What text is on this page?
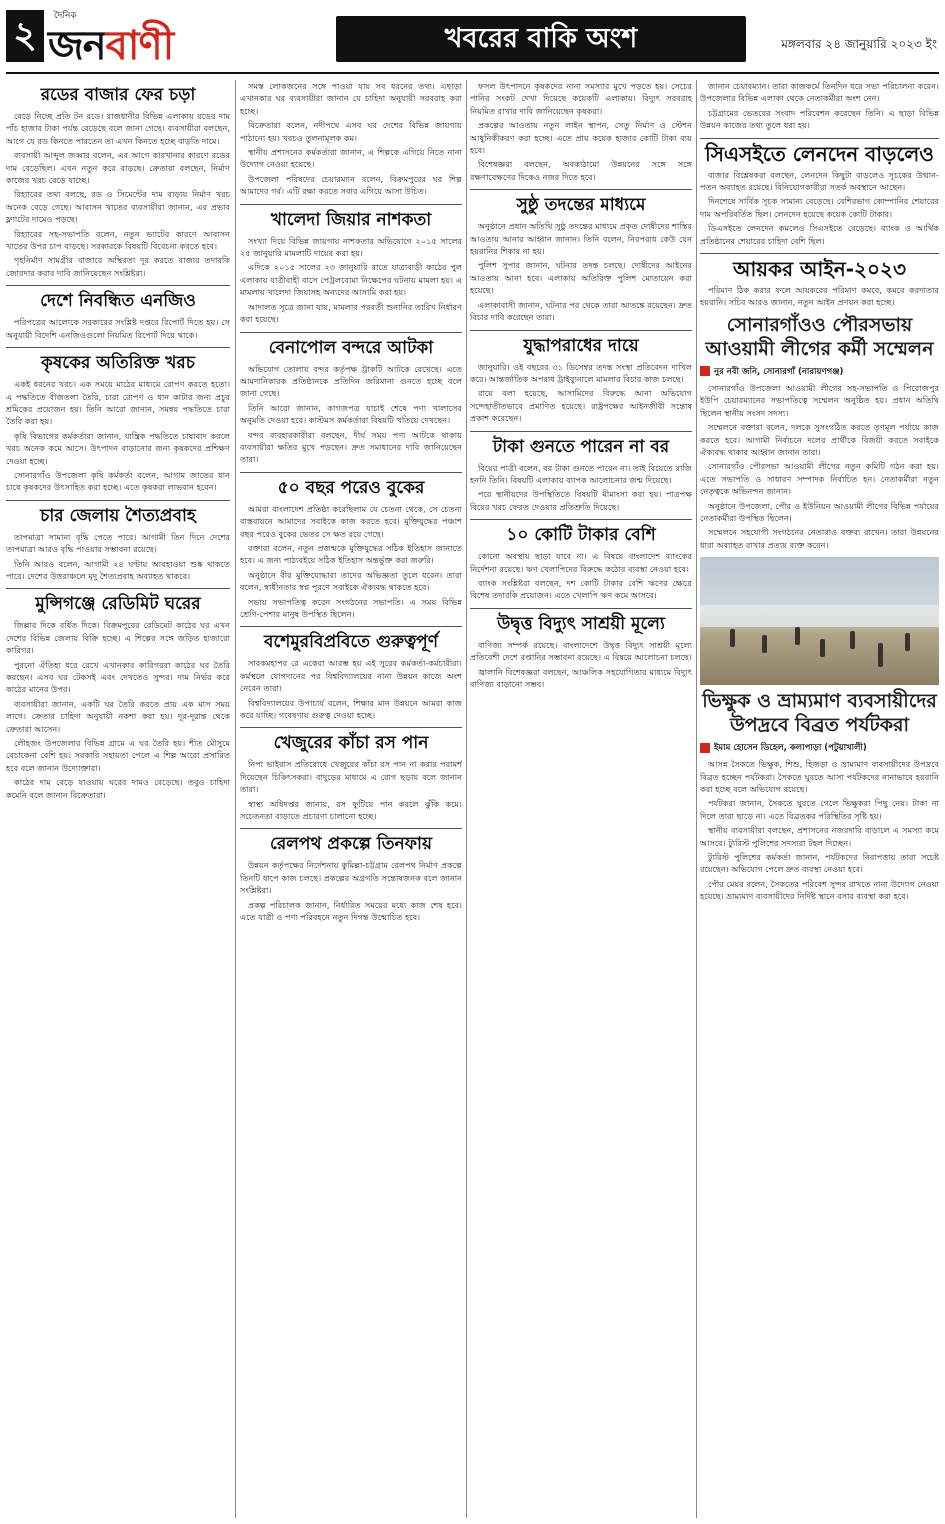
২	দৈনিক
জনবাণী	খবরের বাকি অংশ	মঙ্গলবার ২৪ জানুয়ারি ২০২৩ ইং
রডের বাজার ফের চড়া

বেড়ে নিচ্ছে প্রতি টন রডে। রাজধানীর বিভিন্ন এলাকায় রডের দাম পাঁচ হাজার টাকা পর্যন্ত বেড়েছে বলে জানা গেছে। ব্যবসায়ীরা বলছেন, আগে যে রড কিনতে পারতেন তা এখন কিনতে হচ্ছে বাড়তি দামে।

ব্যবসায়ী আব্দুল জব্বার বলেন, এর আগে কারখানার কারণে রডের দাম বেড়েছিল। এখন নতুন করে বাড়ছে। ক্রেতারা বলছেন, নির্মাণ কাজের খরচ বেড়ে যাচ্ছে।

রিহ্যাবের তথ্য বলছে, রড ও সিমেন্টের দাম বাড়ায় নির্মাণ খরচ অনেক বেড়ে গেছে। আবাসন খাতের ব্যবসায়ীরা জানান, এর প্রভাব ফ্ল্যাটের দামেও পড়ছে।

রিহ্যাবের সহ-সভাপতি বলেন, নতুন ভ্যাটের কারণে আবাসন খাতের উপর চাপ বাড়ছে। সরকারকে বিষয়টি বিবেচনা করতে হবে।

গৃহনির্মাণ সামগ্রীর বাজারে অস্থিরতা দূর করতে বাজার তদারকি জোরদার করার দাবি জানিয়েছেন সংশ্লিষ্টরা।

দেশে নিবন্ধিত এনজিও

পরিপত্রের আলোকে সরকারের সংশ্লিষ্ট দপ্তরে রিপোর্ট দিতে হয়। সে অনুযায়ী বিদেশি এনজিওগুলো নিয়মিত রিপোর্ট দিয়ে থাকে।

কৃষকের অতিরিক্ত খরচ

একই ধরনের খরচ। এক সময়ে মাঠের মাধ্যমে রোপণ করতে হতো। এ পদ্ধতিতে বীজতলা তৈরি, চারা রোপণ ও ধান কাটার জন্য প্রচুর শ্রমিকের প্রয়োজন হয়। তিনি আরো জানান, সমন্বয় পদ্ধতিতে চারা তৈরি করা হয়।

কৃষি বিভাগের কর্মকর্তারা জানান, যান্ত্রিক পদ্ধতিতে চাষাবাদ করলে খরচ অনেক কমে আসে। উৎপাদন বাড়ানোর জন্য কৃষকদের প্রশিক্ষণ দেওয়া হচ্ছে।

সোনারগাঁও উপজেলা কৃষি কর্মকর্তা বলেন, আগাম জাতের ধান চাষে কৃষকদের উৎসাহিত করা হচ্ছে। এতে কৃষকরা লাভবান হবেন।

চার জেলায় শৈত্যপ্রবাহ

তাপমাত্রা সামান্য বৃদ্ধি পেতে পারে। আগামী তিন দিনে দেশের তাপমাত্রা আরও বৃদ্ধি পাওয়ার সম্ভাবনা রয়েছে।

তিনি আরও বলেন, আগামী ২৪ ঘণ্টায় আবহাওয়া শুষ্ক থাকতে পারে। দেশের উত্তরাঞ্চলে মৃদু শৈত্যপ্রবাহ অব্যাহত থাকবে।

মুন্সিগঞ্জে রেডিমিট ঘরের

জিল্লার দিকে বর্ধিত দিকে। বিক্রমপুরের রেডিমেট কাঠের ঘর এখন দেশের বিভিন্ন জেলায় বিক্রি হচ্ছে। এ শিল্পের সঙ্গে জড়িত হাজারো কারিগর।

পুরনো ঐতিহ্য ধরে রেখে এখানকার কারিগররা কাঠের ঘর তৈরি করছেন। এসব ঘর টেকসই এবং দেখতেও সুন্দর। দাম নির্ভর করে কাঠের মানের উপর।

ব্যবসায়ীরা জানান, একটি ঘর তৈরি করতে প্রায় এক মাস সময় লাগে। ক্রেতার চাহিদা অনুযায়ী নকশা করা হয়। দূর-দূরান্ত থেকে ক্রেতারা আসেন।

লৌহজং উপজেলার বিভিন্ন গ্রামে এ ঘর তৈরি হয়। শীত মৌসুমে বেচাকেনা বেশি হয়। সরকারি সহায়তা পেলে এ শিল্প আরো প্রসারিত হবে বলে জানান উদ্যোক্তারা।

কাঠের দাম বেড়ে যাওয়ায় ঘরের দামও বেড়েছে। তবুও চাহিদা কমেনি বলে জানান বিক্রেতারা।

সমস্ত লোকজনের সঙ্গে পাওয়া যায় সব ধরনের তথ্য। এছাড়া এখানকার ঘর ব্যবসায়ীরা জানান যে চাহিদা অনুযায়ী সরবরাহ করা হচ্ছে।

বিক্রেতারা বলেন, নদীপথে এসব ঘর দেশের বিভিন্ন জায়গায় পাঠানো হয়। খরচও তুলনামূলক কম।

স্থানীয় প্রশাসনের কর্মকর্তারা জানান, এ শিল্পকে এগিয়ে নিতে নানা উদ্যোগ নেওয়া হয়েছে।

উপজেলা পরিষদের চেয়ারম্যান বলেন, বিক্রমপুরের ঘর শিল্প আমাদের গর্ব। এটি রক্ষা করতে সবার এগিয়ে আসা উচিত।

খালেদা জিয়ার নাশকতা

সংখ্যা দিয়ে বিভিন্ন জায়গায় নাশকতার অভিযোগে ২০১৫ সালের ২৫ জানুয়ারি মামলাটি দায়ের করা হয়।

এদিকে ২০১৫ সালের ২৩ জানুয়ারি রাতে যাত্রাবাড়ী কাঠের পুল এলাকায় যাত্রীবাহী বাসে পেট্রলবোমা নিক্ষেপের ঘটনায় মামলা হয়। এ মামলায় খালেদা জিয়াসহ অন্যদের আসামি করা হয়।

আদালত সূত্রে জানা যায়, মামলার পরবর্তী শুনানির তারিখ নির্ধারণ করা হয়েছে।

বেনাপোল বন্দরে আটকা

অভিযোগ তোলায় বন্দর কর্তৃপক্ষ ট্রাকটি আটকে রেখেছে। এতে আমদানিকারক প্রতিষ্ঠানকে প্রতিদিন জরিমানা গুনতে হচ্ছে বলে জানা গেছে।

তিনি আরো জানান, কাগজপত্র যাচাই শেষে পণ্য খালাসের অনুমতি দেওয়া হবে। কাস্টমস কর্মকর্তারা বিষয়টি খতিয়ে দেখছেন।

বন্দর ব্যবহারকারীরা বলছেন, দীর্ঘ সময় পণ্য আটকে থাকায় ব্যবসায়ীরা ক্ষতির মুখে পড়ছেন। দ্রুত সমাধানের দাবি জানিয়েছেন তারা।

৫০ বছর পরেও বুকের

আমরা বাংলাদেশ প্রতিষ্ঠা করেছিলাম যে চেতনা থেকে, সে চেতনা বাস্তবায়নে আমাদের সবাইকে কাজ করতে হবে। মুক্তিযুদ্ধের পঞ্চাশ বছর পরেও বুকের ভেতর সে ক্ষত রয়ে গেছে।

বক্তারা বলেন, নতুন প্রজন্মকে মুক্তিযুদ্ধের সঠিক ইতিহাস জানাতে হবে। এ জন্য পাঠ্যবইয়ে সঠিক ইতিহাস অন্তর্ভুক্ত করা জরুরি।

অনুষ্ঠানে বীর মুক্তিযোদ্ধারা তাদের অভিজ্ঞতা তুলে ধরেন। তারা বলেন, স্বাধীনতার স্বপ্ন পূরণে সবাইকে ঐক্যবদ্ধ থাকতে হবে।

সভায় সভাপতিত্ব করেন সংগঠনের সভাপতি। এ সময় বিভিন্ন শ্রেণি-পেশার মানুষ উপস্থিত ছিলেন।

বশেমুরবিপ্রবিতে গুরুত্বপূর্ণ

সারকমহাপর রে একেরা আরম্ভ হয় এই সুরের কর্মকর্তা-কর্মচারীরা। কর্মস্থলে যোগদানের পর বিশ্ববিদ্যালয়ের নানা উন্নয়ন কাজে অংশ নেবেন তারা।

বিশ্ববিদ্যালয়ের উপাচার্য বলেন, শিক্ষার মান উন্নয়নে আমরা কাজ করে যাচ্ছি। গবেষণায় গুরুত্ব দেওয়া হচ্ছে।

খেজুরের কাঁচা রস পান

নিপা ভাইরাস প্রতিরোধে খেজুরের কাঁচা রস পান না করার পরামর্শ দিয়েছেন চিকিৎসকরা। বাদুড়ের মাধ্যমে এ রোগ ছড়ায় বলে জানান তারা।

স্বাস্থ্য অধিদপ্তর জানায়, রস ফুটিয়ে পান করলে ঝুঁকি কমে। সচেতনতা বাড়াতে প্রচারণা চালানো হচ্ছে।

রেলপথ প্রকল্পে তিনফায়

উন্নয়ন কর্তৃপক্ষের নির্দেশনায় কুমিল্লা-চট্টগ্রাম রেলপথ নির্মাণ প্রকল্পে তিনটি ধাপে কাজ চলছে। প্রকল্পের অগ্রগতি সন্তোষজনক বলে জানান সংশ্লিষ্টরা।

প্রকল্প পরিচালক জানান, নির্ধারিত সময়ের মধ্যে কাজ শেষ হবে। এতে যাত্রী ও পণ্য পরিবহনে নতুন দিগন্ত উন্মোচিত হবে।

ফসল উৎপাদনে কৃষকদের নানা সমস্যার মুখে পড়তে হয়। সেচের পানির সংকট দেখা দিয়েছে কয়েকটি এলাকায়। বিদ্যুৎ সরবরাহ নিয়মিত রাখার দাবি জানিয়েছেন কৃষকরা।

প্রকল্পের আওতায় নতুন লাইন স্থাপন, সেতু নির্মাণ ও স্টেশন আধুনিকীকরণ করা হচ্ছে। এতে প্রায় কয়েক হাজার কোটি টাকা ব্যয় হবে।

বিশেষজ্ঞরা বলছেন, অবকাঠামো উন্নয়নের সঙ্গে সঙ্গে রক্ষণাবেক্ষণের দিকেও নজর দিতে হবে।

সুষ্ঠু তদন্তের মাধ্যমে

অনুষ্ঠানে প্রধান অতিথি সুষ্ঠু তদন্তের মাধ্যমে প্রকৃত দোষীদের শাস্তির আওতায় আনার আহ্বান জানান। তিনি বলেন, নিরপরাধ কেউ যেন হয়রানির শিকার না হয়।

পুলিশ সুপার জানান, ঘটনার তদন্ত চলছে। দোষীদের আইনের আওতায় আনা হবে। এলাকায় অতিরিক্ত পুলিশ মোতায়েন করা হয়েছে।

এলাকাবাসী জানান, ঘটনার পর থেকে তারা আতঙ্কে রয়েছেন। দ্রুত বিচার দাবি করেছেন তারা।

যুদ্ধাপরাধের দায়ে

জানুয়ারি। ওই বছরের ৩১ ডিসেম্বর তদন্ত সংস্থা প্রতিবেদন দাখিল করে। আন্তর্জাতিক অপরাধ ট্রাইব্যুনালে মামলার বিচার কাজ চলছে।

রায়ে বলা হয়েছে, আসামিদের বিরুদ্ধে আনা অভিযোগ সন্দেহাতীতভাবে প্রমাণিত হয়েছে। রাষ্ট্রপক্ষের আইনজীবী সন্তোষ প্রকাশ করেছেন।

টাকা গুনতে পারেন না বর

বিয়ের পাত্রী বলেন, বর টাকা গুনতে পারেন না। তাই বিয়েতে রাজি হননি তিনি। বিষয়টি এলাকায় ব্যাপক আলোচনার জন্ম দিয়েছে।

পরে স্থানীয়দের উপস্থিতিতে বিষয়টি মীমাংসা করা হয়। পাত্রপক্ষ বিয়ের খরচ ফেরত দেওয়ার প্রতিশ্রুতি দিয়েছে।

১০ কোটি টাকার বেশি

কোনো অবস্থায় ছাড়া যাবে না। এ বিষয়ে বাংলাদেশ ব্যাংকের নির্দেশনা রয়েছে। ঋণ খেলাপিদের বিরুদ্ধে কঠোর ব্যবস্থা নেওয়া হবে।

ব্যাংক সংশ্লিষ্টরা বলছেন, দশ কোটি টাকার বেশি ঋণের ক্ষেত্রে বিশেষ তদারকি প্রয়োজন। এতে খেলাপি ঋণ কমে আসবে।

উদ্বৃত্ত বিদ্যুৎ সাশ্রয়ী মূল্যে

বাণিজ্য সম্পর্ক রয়েছে। বাংলাদেশে উদ্বৃত্ত বিদ্যুৎ সাশ্রয়ী মূল্যে প্রতিবেশী দেশে রপ্তানির সম্ভাবনা রয়েছে। এ বিষয়ে আলোচনা চলছে।

জ্বালানি বিশেষজ্ঞরা বলছেন, আঞ্চলিক সহযোগিতার মাধ্যমে বিদ্যুৎ বাণিজ্য বাড়ানো সম্ভব।

জানান চেয়ারম্যান। তারা কাজকর্মে তিনদিন ধরে সভা পরিচালনা করেন। উপজেলার বিভিন্ন এলাকা থেকে নেতাকর্মীরা অংশ নেন।

চট্টগ্রামের ভেতরের সংবাদ পরিবেশন করেছেন তিনি। এ ছাড়া বিভিন্ন উন্নয়ন কাজের তথ্য তুলে ধরা হয়।

সিএসইতে লেনদেন বাড়লেও

বাজার বিশ্লেষকরা বলছেন, লেনদেন কিছুটা বাড়লেও সূচকের উত্থান-পতন অব্যাহত রয়েছে। বিনিয়োগকারীরা সতর্ক অবস্থানে আছেন।

দিনশেষে সার্বিক সূচক সামান্য বেড়েছে। বেশিরভাগ কোম্পানির শেয়ারের দাম অপরিবর্তিত ছিল। লেনদেন হয়েছে কয়েক কোটি টাকার।

ডিএসইতে লেনদেন কমলেও সিএসইতে বেড়েছে। ব্যাংক ও আর্থিক প্রতিষ্ঠানের শেয়ারের চাহিদা বেশি ছিল।

আয়কর আইন-২০২৩

পরিমাণ ঠিক করার ফলে আয়করের পরিমাণ কমবে, কমবে করদাতার হয়রানি। সচিব আরও জানান, নতুন আইন প্রণয়ন করা হচ্ছে।

সোনারগাঁওও পৌরসভায় আওয়ামী লীগের কর্মী সম্মেলন
নুর নবী জনি, সোনারগাঁ (নারায়ণগঞ্জ)

সোনারগাঁও উপজেলা আওয়ামী লীগের সহ-সভাপতি ও পিরোজপুর ইউপি চেয়ারম্যানের সভাপতিত্বে সম্মেলন অনুষ্ঠিত হয়। প্রধান অতিথি ছিলেন স্থানীয় সংসদ সদস্য।

সম্মেলনে বক্তারা বলেন, দলকে সুসংগঠিত করতে তৃণমূল পর্যায়ে কাজ করতে হবে। আগামী নির্বাচনে দলের প্রার্থীকে বিজয়ী করতে সবাইকে ঐক্যবদ্ধ থাকার আহ্বান জানান তারা।

সোনারগাঁও পৌরসভা আওয়ামী লীগের নতুন কমিটি গঠন করা হয়। এতে সভাপতি ও সাধারণ সম্পাদক নির্বাচিত হন। নেতাকর্মীরা নতুন নেতৃত্বকে অভিনন্দন জানান।

অনুষ্ঠানে উপজেলা, পৌর ও ইউনিয়ন আওয়ামী লীগের বিভিন্ন পর্যায়ের নেতাকর্মীরা উপস্থিত ছিলেন।

সম্মেলনে সহযোগী সংগঠনের নেতারাও বক্তব্য রাখেন। তারা উন্নয়নের ধারা অব্যাহত রাখার প্রত্যয় ব্যক্ত করেন।

ভিক্ষুক ও ভ্রাম্যমাণ ব্যবসায়ীদের উপদ্রবে বিব্রত পর্যটকরা
ইমাম হোসেন ডিহেল, কলাপাড়া (পটুয়াখালী)

আসন্ন সৈকতে ভিক্ষুক, শিশু, হিজড়া ও ভ্রাম্যমাণ ব্যবসায়ীদের উপদ্রবে বিব্রত হচ্ছেন পর্যটকরা। সৈকতে ঘুরতে আসা পর্যটকদের নানাভাবে হয়রানি করা হচ্ছে বলে অভিযোগ রয়েছে।

পর্যটকরা জানান, সৈকতে ঘুরতে গেলে ভিক্ষুকরা পিছু নেয়। টাকা না দিলে তারা ছাড়ে না। এতে বিব্রতকর পরিস্থিতির সৃষ্টি হয়।

স্থানীয় ব্যবসায়ীরা বলছেন, প্রশাসনের নজরদারি বাড়ালে এ সমস্যা কমে আসবে। ট্যুরিস্ট পুলিশের সদস্যরা টহল দিচ্ছেন।

ট্যুরিস্ট পুলিশের কর্মকর্তা জানান, পর্যটকদের নিরাপত্তায় তারা সচেষ্ট রয়েছেন। অভিযোগ পেলে দ্রুত ব্যবস্থা নেওয়া হবে।

পৌর মেয়র বলেন, সৈকতের পরিবেশ সুন্দর রাখতে নানা উদ্যোগ নেওয়া হয়েছে। ভ্রাম্যমাণ ব্যবসায়ীদের নির্দিষ্ট স্থানে বসার ব্যবস্থা করা হবে।
